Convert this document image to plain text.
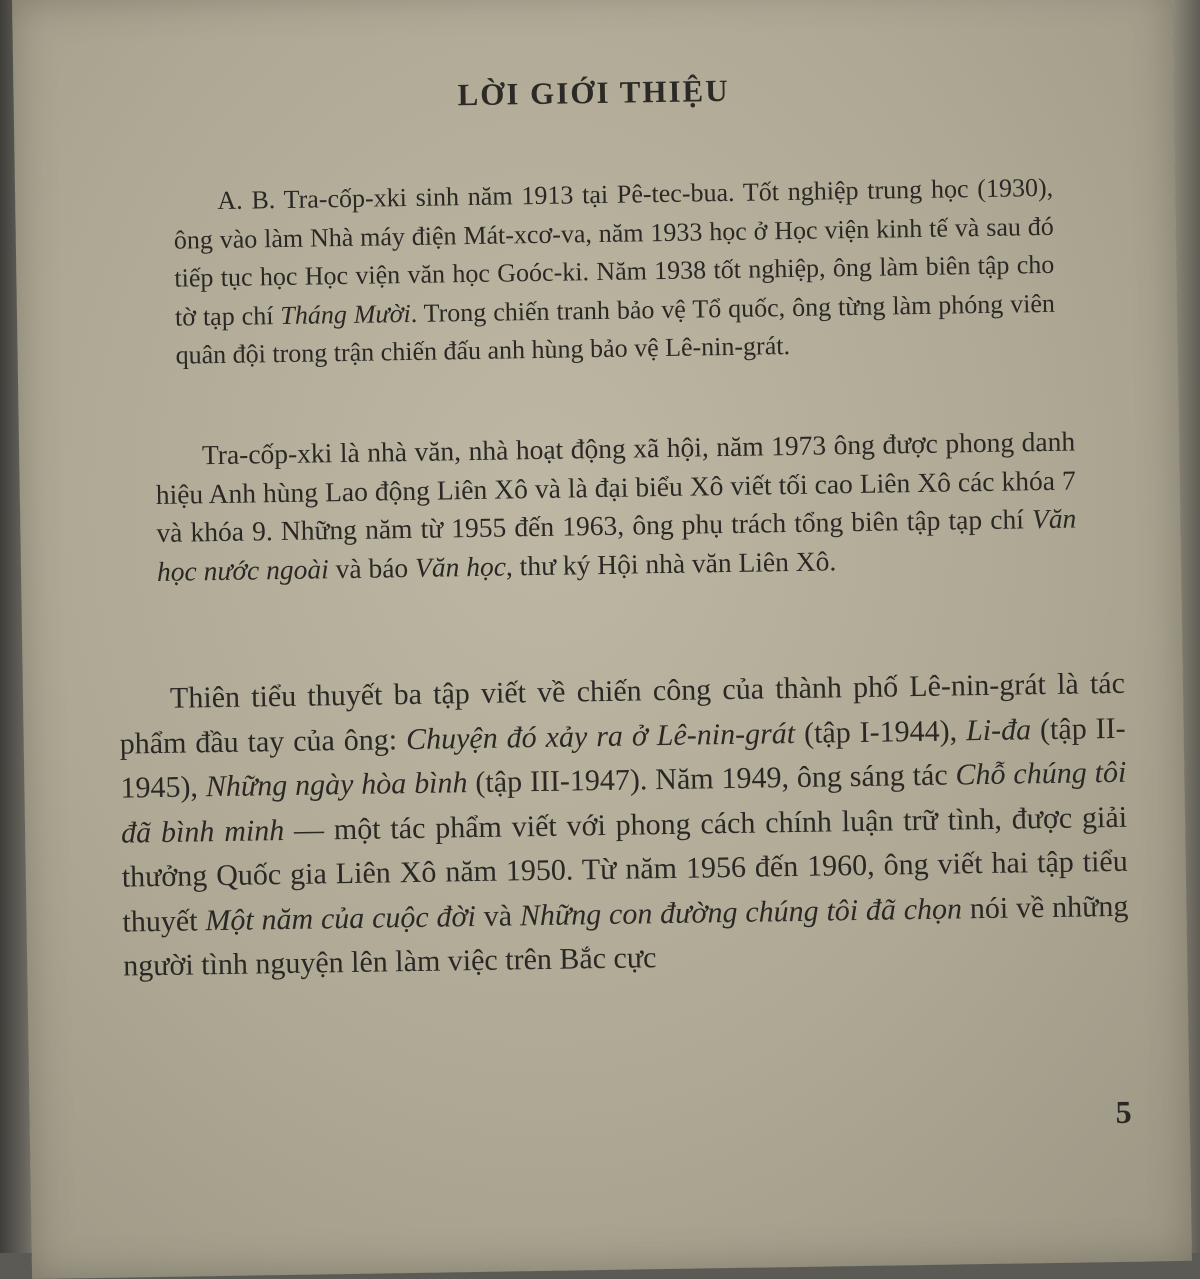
LỜI GIỚI THIỆU

A. B. Tra-cốp-xki sinh năm 1913 tại Pê-tec-bua. Tốt nghiệp trung học (1930), ông vào làm Nhà máy điện Mát-xcơ-va, năm 1933 học ở Học viện kinh tế và sau đó tiếp tục học Học viện văn học Goóc-ki. Năm 1938 tốt nghiệp, ông làm biên tập cho tờ tạp chí Tháng Mười. Trong chiến tranh bảo vệ Tổ quốc, ông từng làm phóng viên quân đội trong trận chiến đấu anh hùng bảo vệ Lê-nin-grát.

Tra-cốp-xki là nhà văn, nhà hoạt động xã hội, năm 1973 ông được phong danh hiệu Anh hùng Lao động Liên Xô và là đại biểu Xô viết tối cao Liên Xô các khóa 7 và khóa 9. Những năm từ 1955 đến 1963, ông phụ trách tổng biên tập tạp chí Văn học nước ngoài và báo Văn học, thư ký Hội nhà văn Liên Xô.

Thiên tiểu thuyết ba tập viết về chiến công của thành phố Lê-nin-grát là tác phẩm đầu tay của ông: Chuyện đó xảy ra ở Lê-nin-grát (tập I-1944), Li-đa (tập II-1945), Những ngày hòa bình (tập III-1947). Năm 1949, ông sáng tác Chỗ chúng tôi đã bình minh — một tác phẩm viết với phong cách chính luận trữ tình, được giải thưởng Quốc gia Liên Xô năm 1950. Từ năm 1956 đến 1960, ông viết hai tập tiểu thuyết Một năm của cuộc đời và Những con đường chúng tôi đã chọn nói về những người tình nguyện lên làm việc trên Bắc cực

5
